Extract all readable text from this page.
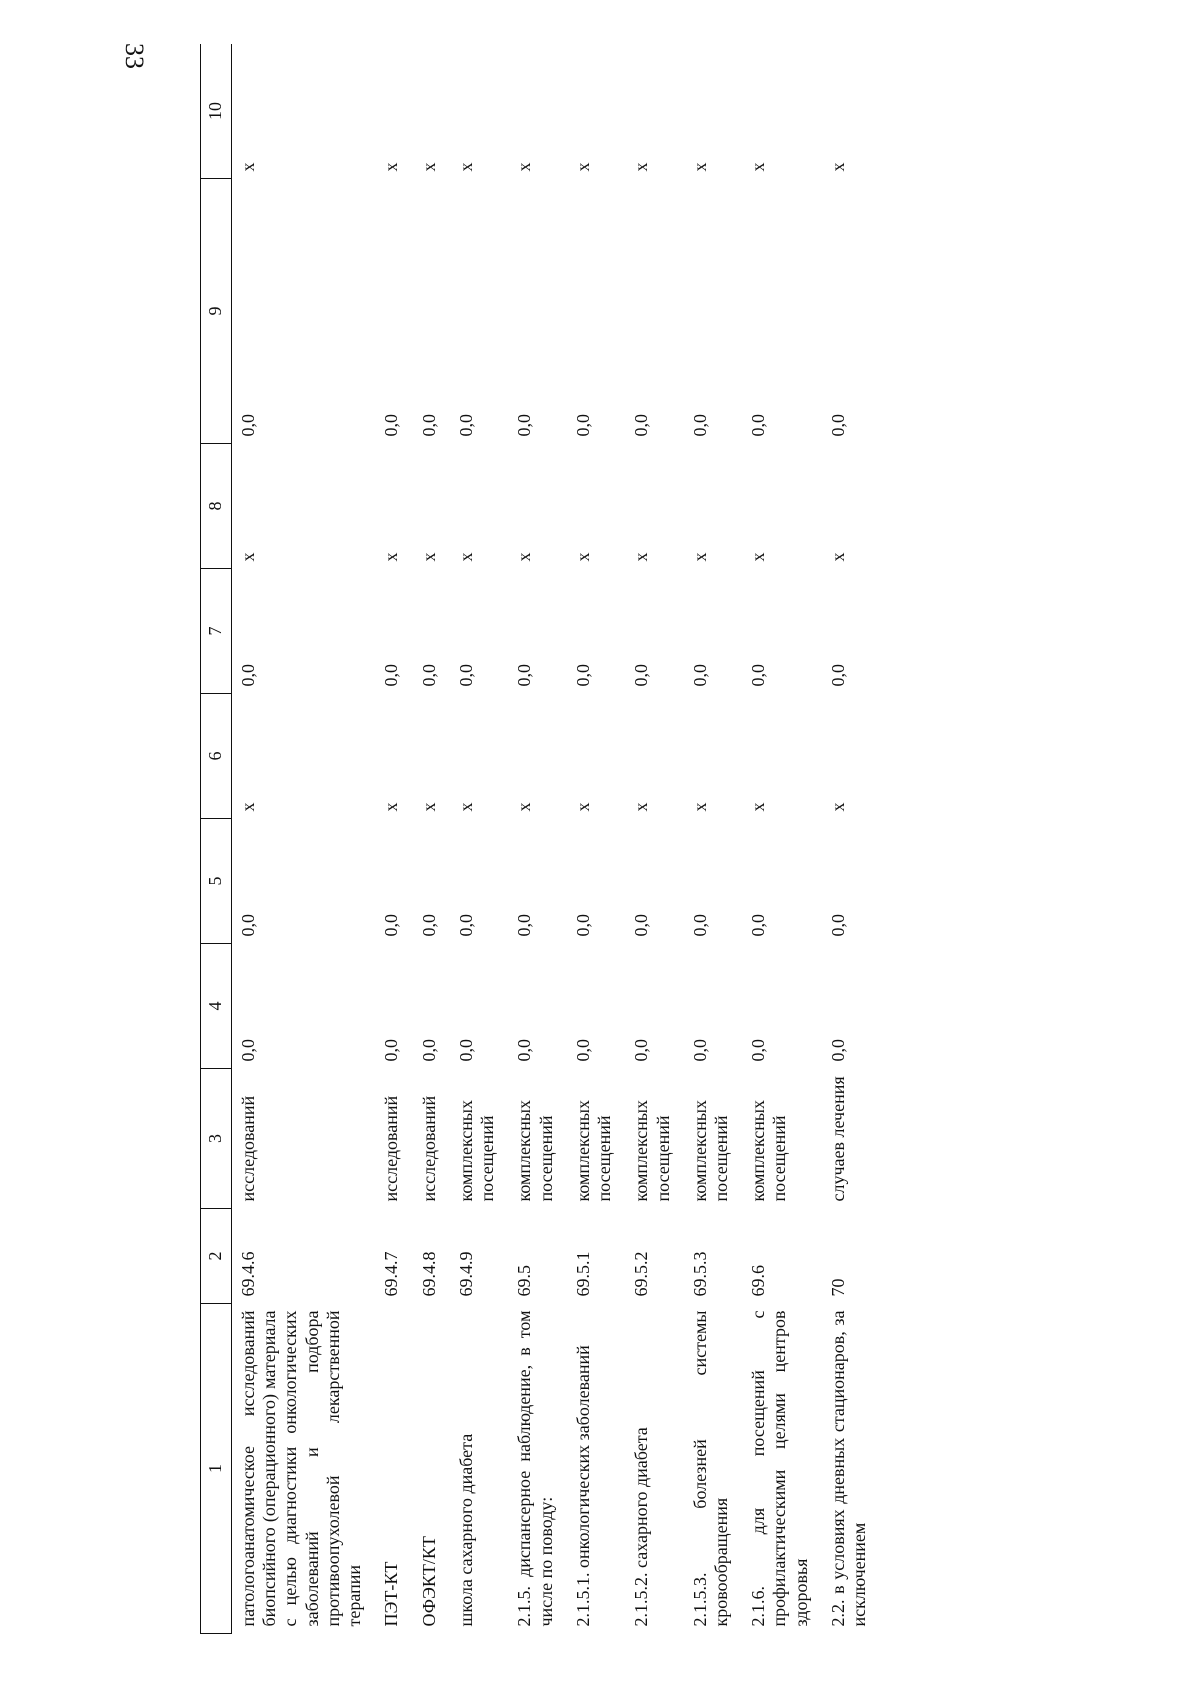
33
1	2	3	4	5	6	7	8	9	10
патологоанатомическое исследований биопсийного (операционного) материала с целью диагностики онкологических заболеваний и подбора противоопухолевой лекарственной терапии	69.4.6	исследований	0,0	0,0	x	0,0	x	0,0	x
ПЭТ-КТ	69.4.7	исследований	0,0	0,0	x	0,0	x	0,0	x
ОФЭКТ/КТ	69.4.8	исследований	0,0	0,0	x	0,0	x	0,0	x
школа сахарного диабета	69.4.9	комплексных посещений	0,0	0,0	x	0,0	x	0,0	x
2.1.5. диспансерное наблюдение, в том числе по поводу:	69.5	комплексных посещений	0,0	0,0	x	0,0	x	0,0	x
2.1.5.1. онкологических заболеваний	69.5.1	комплексных посещений	0,0	0,0	x	0,0	x	0,0	x
2.1.5.2. сахарного диабета	69.5.2	комплексных посещений	0,0	0,0	x	0,0	x	0,0	x
2.1.5.3. болезней системы кровообращения	69.5.3	комплексных посещений	0,0	0,0	x	0,0	x	0,0	x
2.1.6. для посещений с профилактическими целями центров здоровья	69.6	комплексных посещений	0,0	0,0	x	0,0	x	0,0	x
2.2. в условиях дневных стационаров, за исключением	70	случаев лечения	0,0	0,0	x	0,0	x	0,0	x
